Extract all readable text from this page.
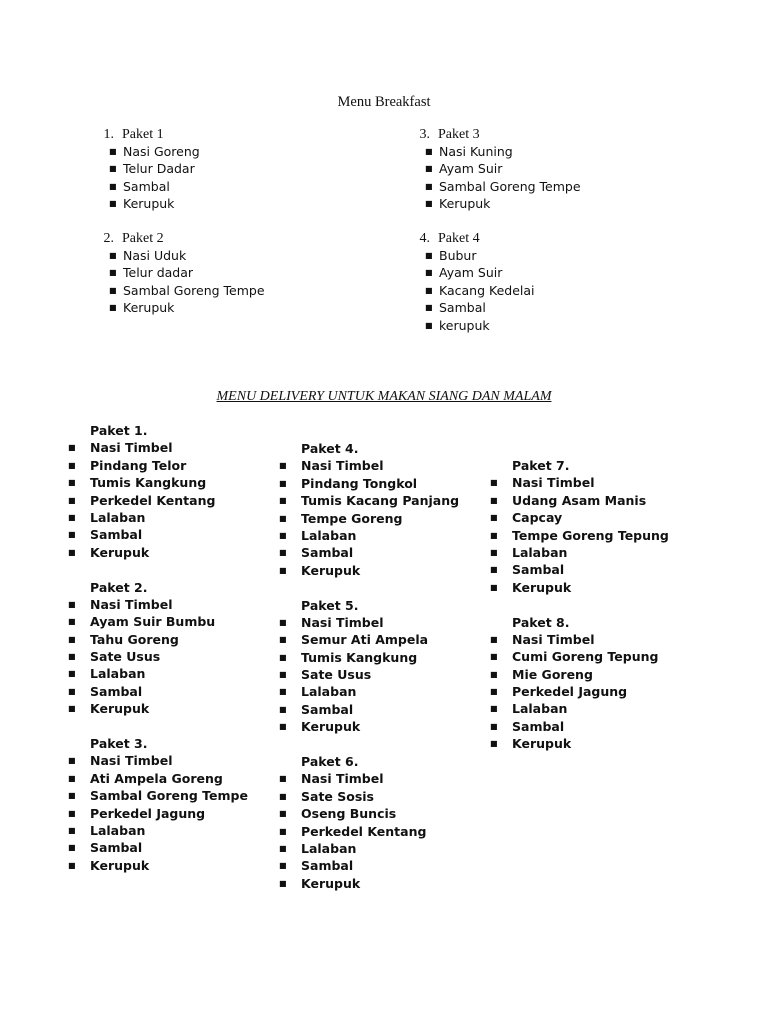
Menu Breakfast
1. Paket 1
■ Nasi Goreng
■ Telur Dadar
■ Sambal
■ Kerupuk
2. Paket 2
■ Nasi Uduk
■ Telur dadar
■ Sambal Goreng Tempe
■ Kerupuk
3. Paket 3
■ Nasi Kuning
■ Ayam Suir
■ Sambal Goreng Tempe
■ Kerupuk
4. Paket 4
■ Bubur
■ Ayam Suir
■ Kacang Kedelai
■ Sambal
■ kerupuk
MENU DELIVERY UNTUK MAKAN SIANG DAN MALAM
Paket 1.
■ Nasi Timbel
■ Pindang Telor
■ Tumis Kangkung
■ Perkedel Kentang
■ Lalaban
■ Sambal
■ Kerupuk
Paket 2.
■ Nasi Timbel
■ Ayam Suir Bumbu
■ Tahu Goreng
■ Sate Usus
■ Lalaban
■ Sambal
■ Kerupuk
Paket 3.
■ Nasi Timbel
■ Ati Ampela Goreng
■ Sambal Goreng Tempe
■ Perkedel Jagung
■ Lalaban
■ Sambal
■ Kerupuk
Paket 4.
■ Nasi Timbel
■ Pindang Tongkol
■ Tumis Kacang Panjang
■ Tempe Goreng
■ Lalaban
■ Sambal
■ Kerupuk
Paket 5.
■ Nasi Timbel
■ Semur Ati Ampela
■ Tumis Kangkung
■ Sate Usus
■ Lalaban
■ Sambal
■ Kerupuk
Paket 6.
■ Nasi Timbel
■ Sate Sosis
■ Oseng Buncis
■ Perkedel Kentang
■ Lalaban
■ Sambal
■ Kerupuk
Paket 7.
■ Nasi Timbel
■ Udang Asam Manis
■ Capcay
■ Tempe Goreng Tepung
■ Lalaban
■ Sambal
■ Kerupuk
Paket 8.
■ Nasi Timbel
■ Cumi Goreng Tepung
■ Mie Goreng
■ Perkedel Jagung
■ Lalaban
■ Sambal
■ Kerupuk
